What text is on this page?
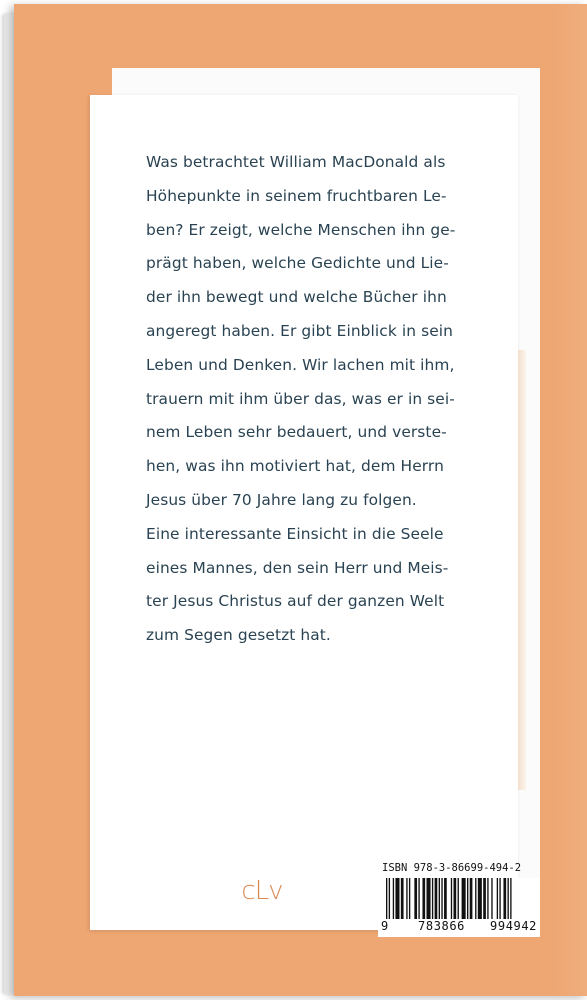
Was betrachtet William MacDonald als
Höhepunkte in seinem fruchtbaren Le-
ben? Er zeigt, welche Menschen ihn ge-
prägt haben, welche Gedichte und Lie-
der ihn bewegt und welche Bücher ihn
angeregt haben. Er gibt Einblick in sein
Leben und Denken. Wir lachen mit ihm,
trauern mit ihm über das, was er in sei-
nem Leben sehr bedauert, und verste-
hen, was ihn motiviert hat, dem Herrn
Jesus über 70 Jahre lang zu folgen.
Eine interessante Einsicht in die Seele
eines Mannes, den sein Herr und Meis-
ter Jesus Christus auf der ganzen Welt
zum Segen gesetzt hat.

cLv
ISBN 978-3-86699-494-2
9	783866 994942
